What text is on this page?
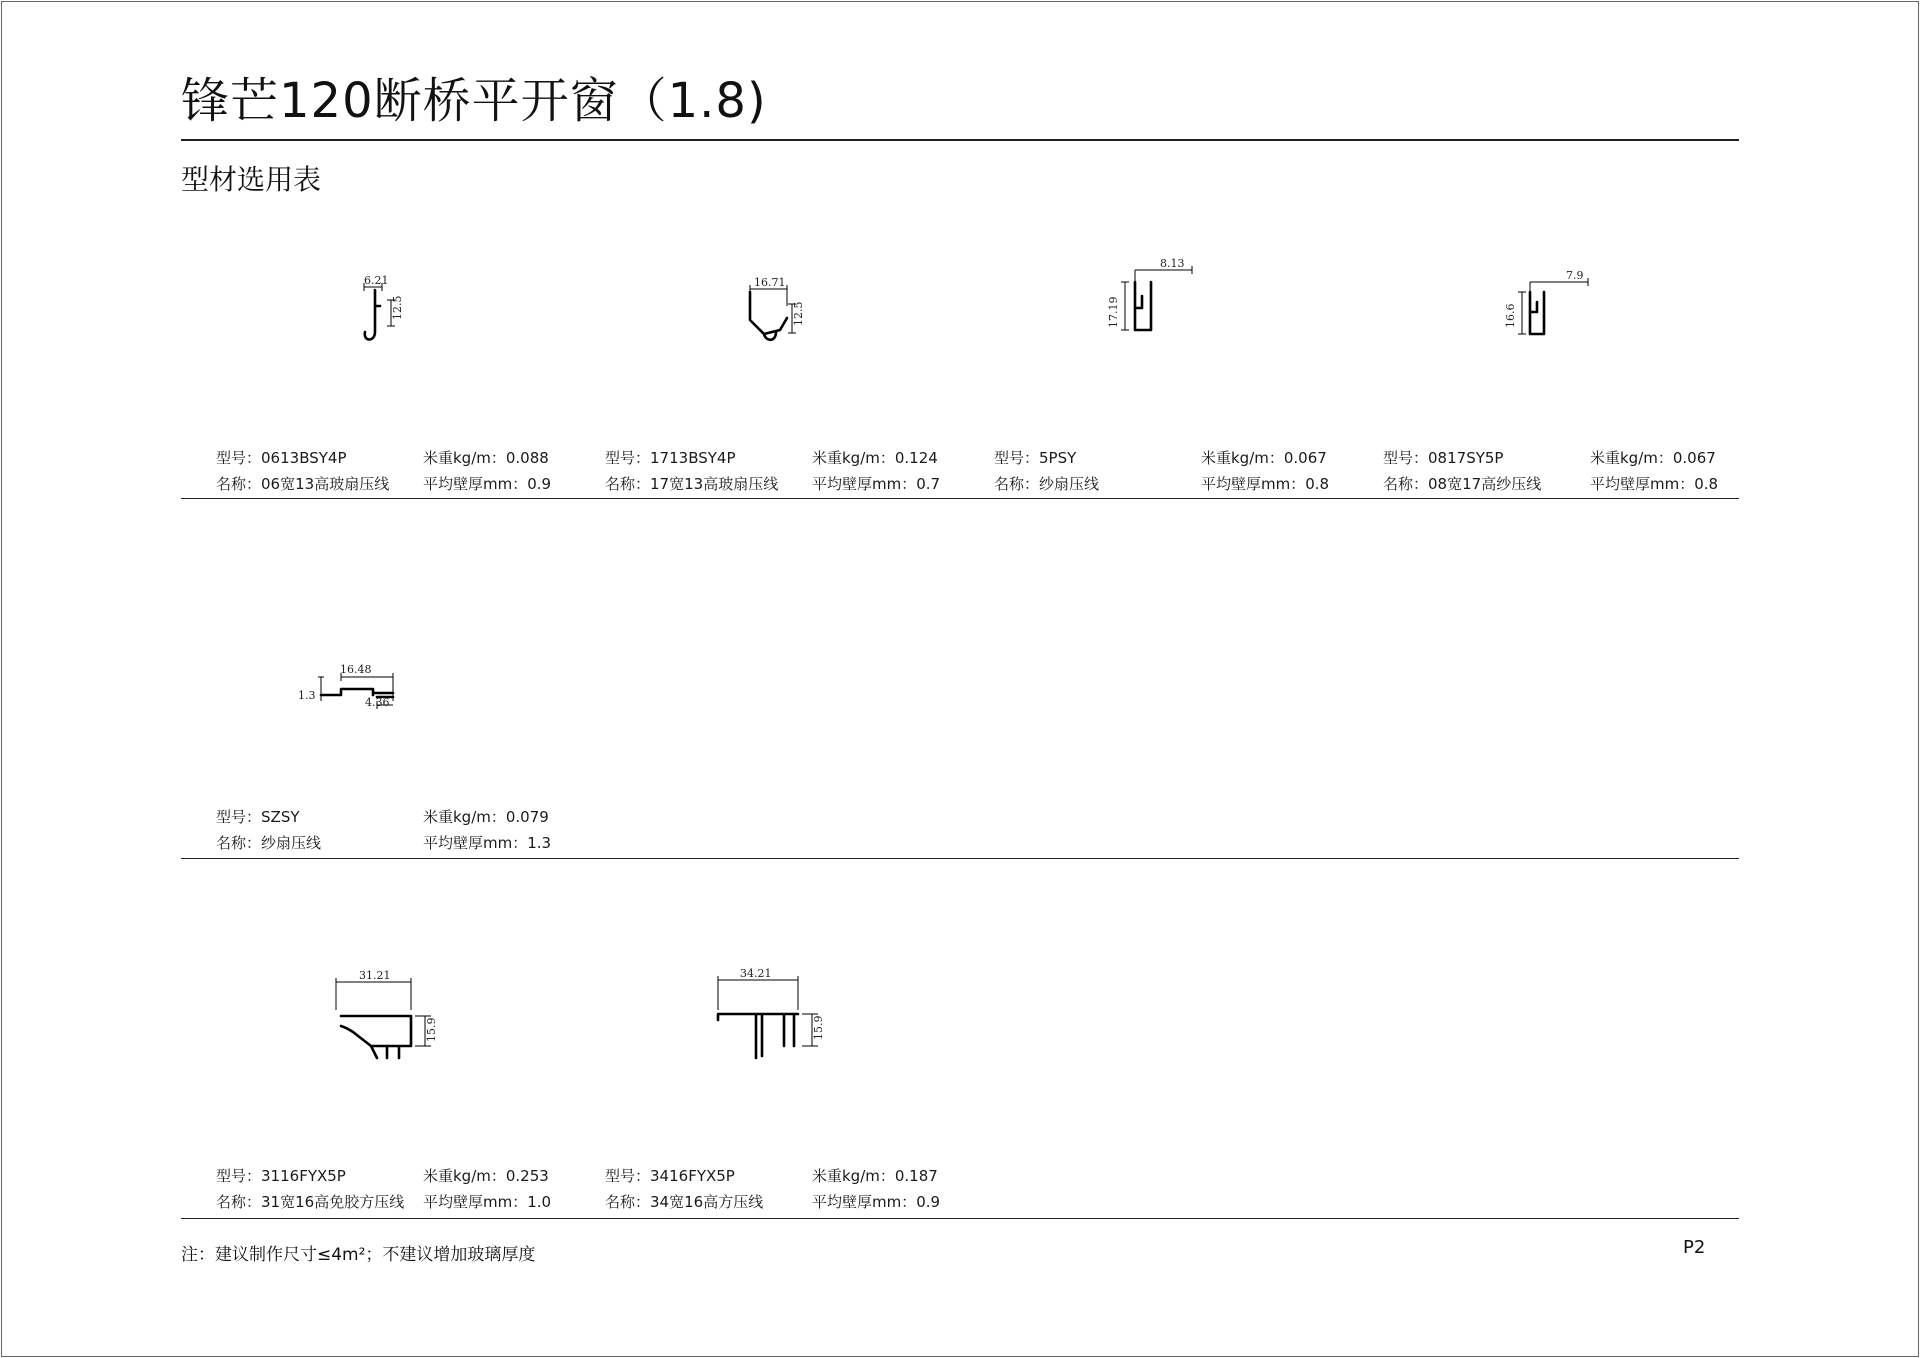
锋芒120断桥平开窗（1.8)
型材选用表
6.21
12.5
型号：0613BSY4P
名称：06宽13高玻扇压线
米重kg/m：0.088
平均壁厚mm：0.9
16.71
12.5
型号：1713BSY4P
名称：17宽13高玻扇压线
米重kg/m：0.124
平均壁厚mm：0.7
8.13
17.19
型号：5PSY
名称：纱扇压线
米重kg/m：0.067
平均壁厚mm：0.8
7.9
16.6
型号：0817SY5P
名称：08宽17高纱压线
米重kg/m：0.067
平均壁厚mm：0.8
16.48
1.3
4.36
型号：SZSY
名称：纱扇压线
米重kg/m：0.079
平均壁厚mm：1.3
31.21
15.9
型号：3116FYX5P
名称：31宽16高免胶方压线
米重kg/m：0.253
平均壁厚mm：1.0
34.21
15.9
型号：3416FYX5P
名称：34宽16高方压线
米重kg/m：0.187
平均壁厚mm：0.9
注：建议制作尺寸≤4m²；不建议增加玻璃厚度	P2
